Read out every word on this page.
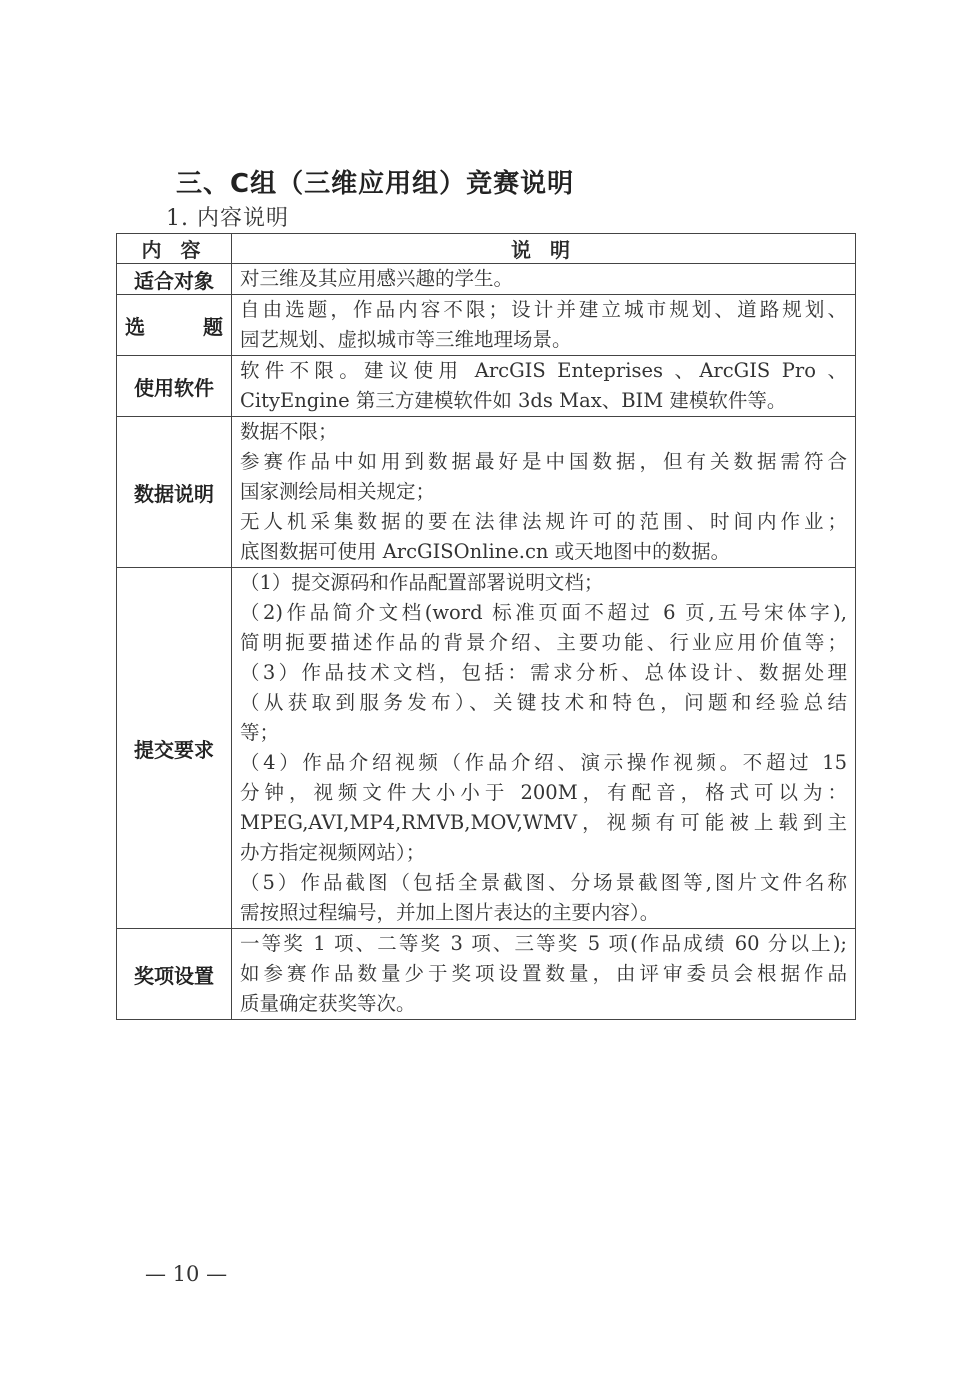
三、C组（三维应用组）竞赛说明
1. 内容说明
内 容	说 明
适合对象	对三维及其应用感兴趣的学生。

选 题	自由选题，作品内容不限；设计并建立城市规划、道路规划、
园艺规划、虚拟城市等三维地理场景。

使用软件	软件不限。建议使用 ArcGIS Enteprises 、ArcGIS Pro 、
CityEngine 第三方建模软件如 3ds Max、BIM 建模软件等。

数据说明	数据不限；
参赛作品中如用到数据最好是中国数据，但有关数据需符合
国家测绘局相关规定；
无人机采集数据的要在法律法规许可的范围、时间内作业；
底图数据可使用 ArcGISOnline.cn 或天地图中的数据。

提交要求	
（1）提交源码和作品配置部署说明文档；
（2)作品简介文档(word 标准页面不超过 6 页,五号宋体字),
简明扼要描述作品的背景介绍、主要功能、行业应用价值等；
（3）作品技术文档，包括：需求分析、总体设计、数据处理
（从获取到服务发布）、关键技术和特色，问题和经验总结
等；
（4）作品介绍视频（作品介绍、演示操作视频。不超过 15
分钟，视频文件大小小于 200M，有配音，格式可以为：
MPEG,AVI,MP4,RMVB,MOV,WMV，视频有可能被上载到主
办方指定视频网站）；
（5）作品截图（包括全景截图、分场景截图等,图片文件名称
需按照过程编号，并加上图片表达的主要内容）。

奖项设置	一等奖 1 项、二等奖 3 项、三等奖 5 项(作品成绩 60 分以上);
如参赛作品数量少于奖项设置数量，由评审委员会根据作品
质量确定获奖等次。
— 10 —
